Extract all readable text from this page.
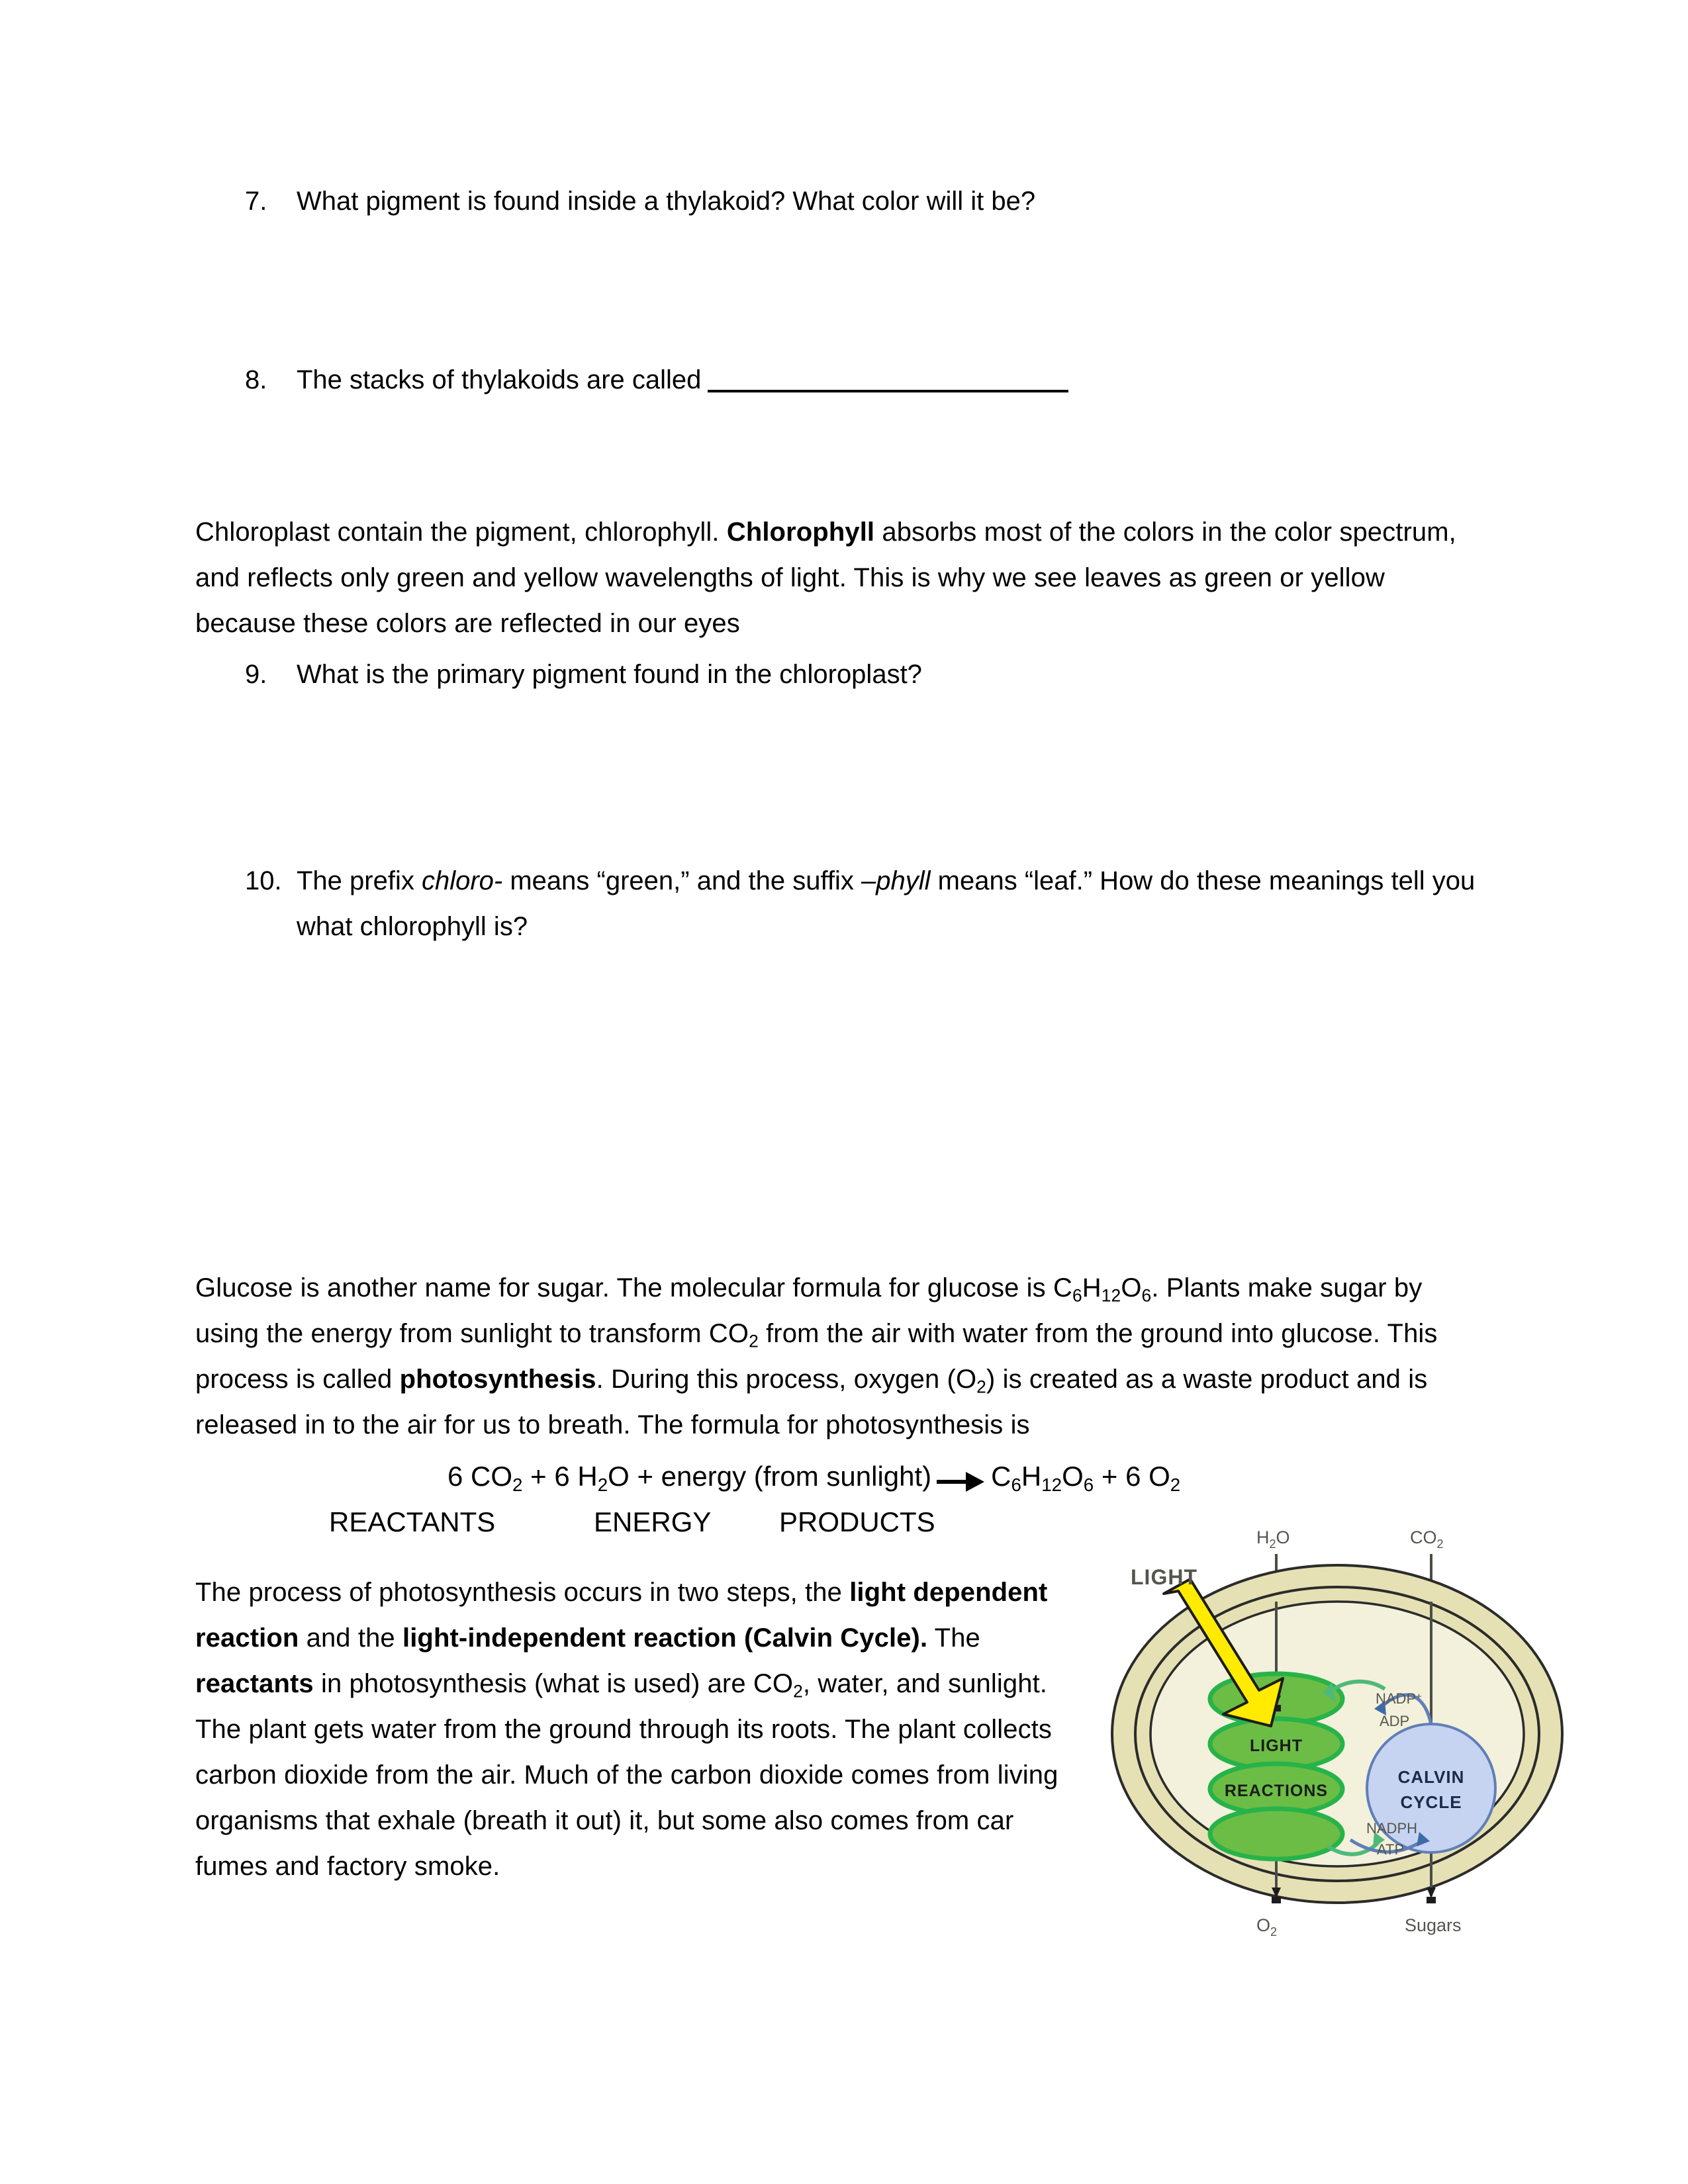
7.	What pigment is found inside a thylakoid? What color will it be?
8.	The stacks of thylakoids are called
Chloroplast contain the pigment, chlorophyll. Chlorophyll absorbs most of the colors in the color spectrum, and reflects only green and yellow wavelengths of light. This is why we see leaves as green or yellow because these colors are reflected in our eyes
9.	What is the primary pigment found in the chloroplast?
10. The prefix chloro- means “green,” and the suffix –phyll means “leaf.” How do these meanings tell you what chlorophyll is?
Glucose is another name for sugar. The molecular formula for glucose is $C_6H_{12}O_6$. Plants make sugar by using the energy from sunlight to transform $CO_2$ from the air with water from the ground into glucose. This process is called photosynthesis. During this process, oxygen $(O_2)$ is created as a waste product and is released in to the air for us to breath. The formula for photosynthesis is
6 $CO_2 + 6$ $H_2O$ + energy (from sunlight) $C_6H_{12}O_6 + 6$ $O_2$
REACTANTS	ENERGY PRODUCTS
The process of photosynthesis occurs in two steps, the light dependent reaction and the light-independent reaction (Calvin Cycle). The reactants in photosynthesis (what is used) are $CO_2$, water, and sunlight. The plant gets water from the ground through its roots. The plant collects carbon dioxide from the air. Much of the carbon dioxide comes from living organisms that exhale (breath it out) it, but some also comes from car fumes and factory smoke.
LIGHT
$H_2O$	$CO_2$
$O_2$	Sugars
NADP+
ADP
NADPH
ATP
LIGHT
REACTIONS
CALVIN
CYCLE
